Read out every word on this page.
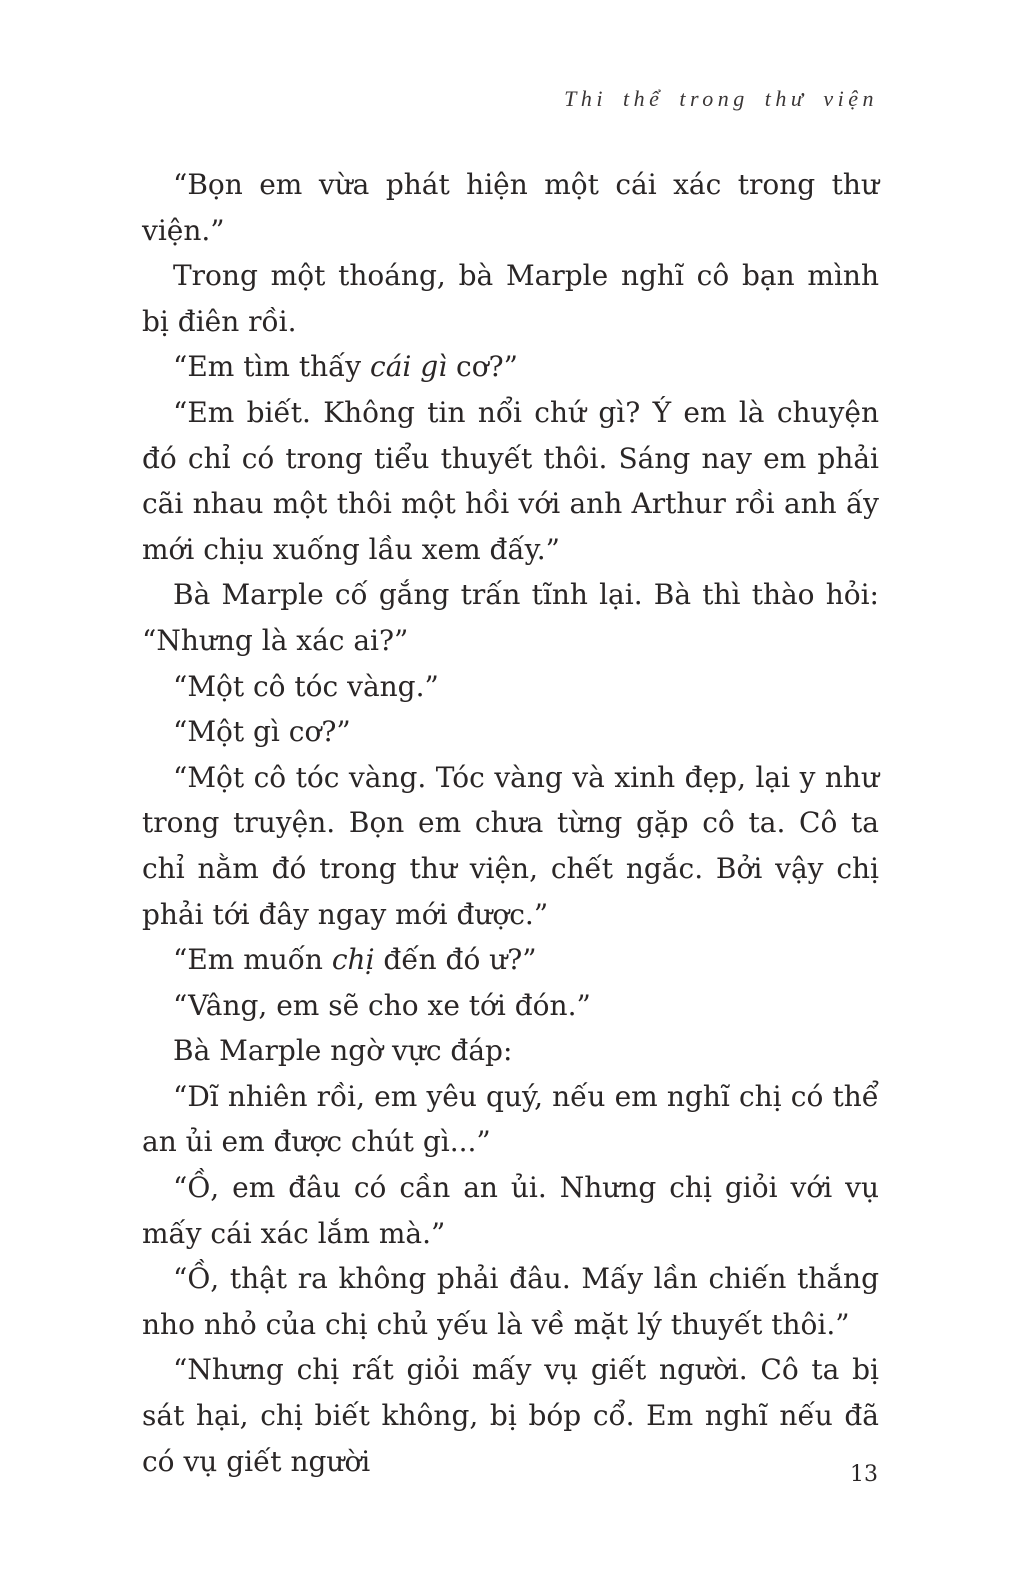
Thi thể trong thư viện

“Bọn em vừa phát hiện một cái xác trong thư viện.”

Trong một thoáng, bà Marple nghĩ cô bạn mình bị điên rồi.

“Em tìm thấy cái gì cơ?”

“Em biết. Không tin nổi chứ gì? Ý em là chuyện đó chỉ có trong tiểu thuyết thôi. Sáng nay em phải cãi nhau một thôi một hồi với anh Arthur rồi anh ấy mới chịu xuống lầu xem đấy.”

Bà Marple cố gắng trấn tĩnh lại. Bà thì thào hỏi: “Nhưng là xác ai?”

“Một cô tóc vàng.”

“Một gì cơ?”

“Một cô tóc vàng. Tóc vàng và xinh đẹp, lại y như trong truyện. Bọn em chưa từng gặp cô ta. Cô ta chỉ nằm đó trong thư viện, chết ngắc. Bởi vậy chị phải tới đây ngay mới được.”

“Em muốn chị đến đó ư?”

“Vâng, em sẽ cho xe tới đón.”

Bà Marple ngờ vực đáp:

“Dĩ nhiên rồi, em yêu quý, nếu em nghĩ chị có thể an ủi em được chút gì...”

“Ồ, em đâu có cần an ủi. Nhưng chị giỏi với vụ mấy cái xác lắm mà.”

“Ồ, thật ra không phải đâu. Mấy lần chiến thắng nho nhỏ của chị chủ yếu là về mặt lý thuyết thôi.”

“Nhưng chị rất giỏi mấy vụ giết người. Cô ta bị sát hại, chị biết không, bị bóp cổ. Em nghĩ nếu đã có vụ giết người	13
